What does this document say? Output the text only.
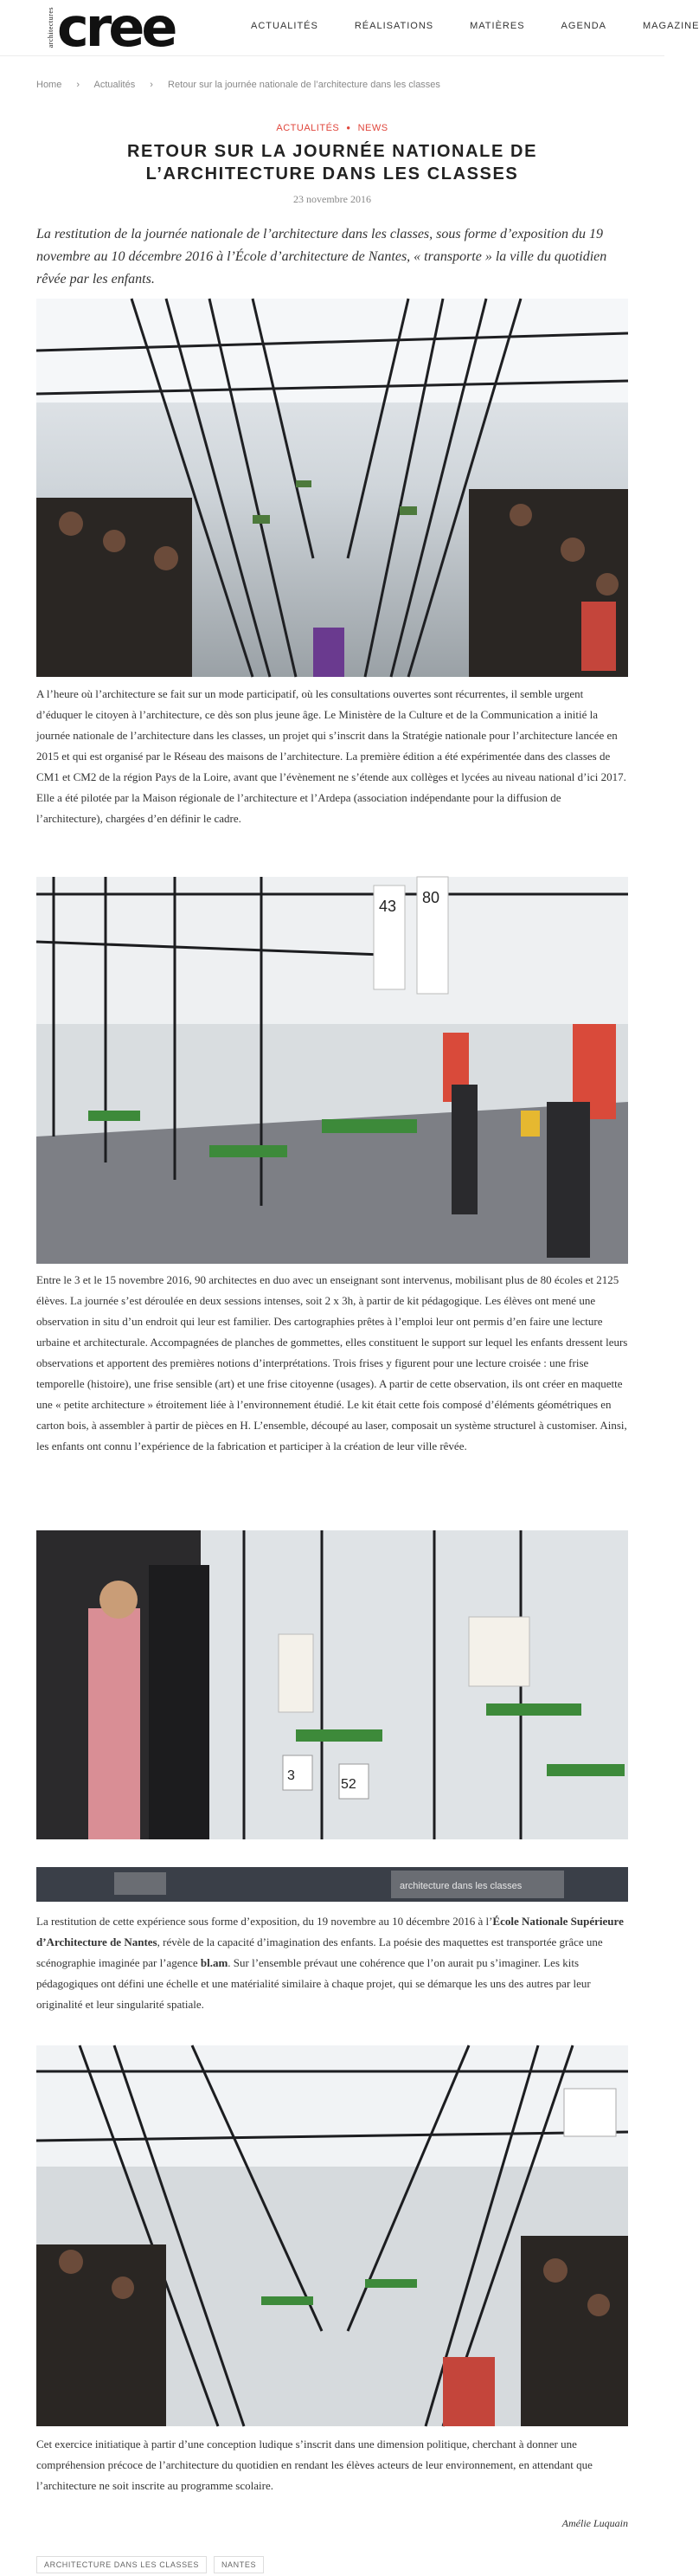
architectures cree	ACTUALITÉS	RÉALISATIONS	MATIÈRES	AGENDA	MAGAZINE
Home › Actualités › Retour sur la journée nationale de l’architecture dans les classes
ACTUALITÉS ● NEWS
RETOUR SUR LA JOURNÉE NATIONALE DE L’ARCHITECTURE DANS LES CLASSES
23 novembre 2016

La restitution de la journée nationale de l’architecture dans les classes, sous forme d’exposition du 19 novembre au 10 décembre 2016 à l’École d’architecture de Nantes, « transporte » la ville du quotidien rêvée par les enfants.

A l’heure où l’architecture se fait sur un mode participatif, où les consultations ouvertes sont récurrentes, il semble urgent d’éduquer le citoyen à l’architecture, ce dès son plus jeune âge. Le Ministère de la Culture et de la Communication a initié la journée nationale de l’architecture dans les classes, un projet qui s’inscrit dans la Stratégie nationale pour l’architecture lancée en 2015 et qui est organisé par le Réseau des maisons de l’architecture. La première édition a été expérimentée dans des classes de CM1 et CM2 de la région Pays de la Loire, avant que l’évènement ne s’étende aux collèges et lycées au niveau national d’ici 2017. Elle a été pilotée par la Maison régionale de l’architecture et l’Ardepa (association indépendante pour la diffusion de l’architecture), chargées d’en définir le cadre.

43 80

Entre le 3 et le 15 novembre 2016, 90 architectes en duo avec un enseignant sont intervenus, mobilisant plus de 80 écoles et 2125 élèves. La journée s’est déroulée en deux sessions intenses, soit 2 x 3h, à partir de kit pédagogique. Les élèves ont mené une observation in situ d’un endroit qui leur est familier. Des cartographies prêtes à l’emploi leur ont permis d’en faire une lecture urbaine et architecturale. Accompagnées de planches de gommettes, elles constituent le support sur lequel les enfants dressent leurs observations et apportent des premières notions d’interprétations. Trois frises y figurent pour une lecture croisée : une frise temporelle (histoire), une frise sensible (art) et une frise citoyenne (usages). A partir de cette observation, ils ont créer en maquette une « petite architecture » étroitement liée à l’environnement étudié. Le kit était cette fois composé d’éléments géométriques en carton bois, à assembler à partir de pièces en H. L’ensemble, découpé au laser, composait un système structurel à customiser. Ainsi, les enfants ont connu l’expérience de la fabrication et participer à la création de leur ville rêvée.

3
52
architecture dans les classes

La restitution de cette expérience sous forme d’exposition, du 19 novembre au 10 décembre 2016 à l’École Nationale Supérieure d’Architecture de Nantes, révèle de la capacité d’imagination des enfants. La poésie des maquettes est transportée grâce une scénographie imaginée par l’agence bl.am. Sur l’ensemble prévaut une cohérence que l’on aurait pu s’imaginer. Les kits pédagogiques ont défini une échelle et une matérialité similaire à chaque projet, qui se démarque les uns des autres par leur originalité et leur singularité spatiale.

Cet exercice initiatique à partir d’une conception ludique s’inscrit dans une dimension politique, cherchant à donner une compréhension précoce de l’architecture du quotidien en rendant les élèves acteurs de leur environnement, en attendant que l’architecture ne soit inscrite au programme scolaire.

Amélie Luquain
ARCHITECTURE DANS LES CLASSES	NANTES
